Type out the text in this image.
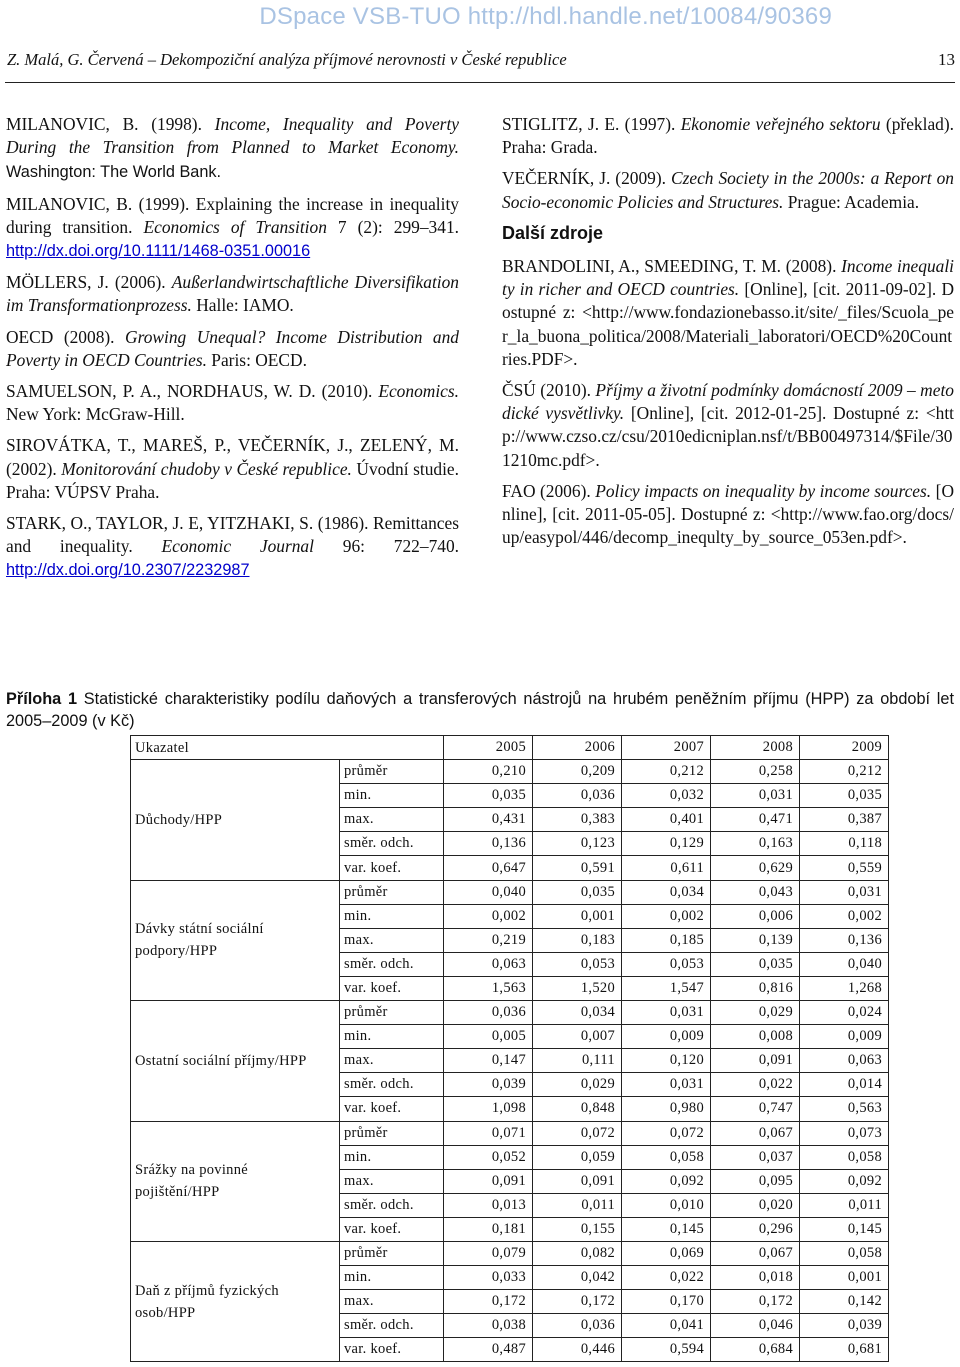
DSpace VSB-TUO http://hdl.handle.net/10084/90369
Z. Malá, G. Červená – Dekompoziční analýza příjmové nerovnosti v České republice	13
MILANOVIC, B. (1998). Income, Inequality and Poverty During the Transition from Planned to Market Economy. Washington: The World Bank.
MILANOVIC, B. (1999). Explaining the increase in inequality during transition. Economics of Transition 7 (2): 299–341. http://dx.doi.org/10.1111/1468-0351.00016
MÖLLERS, J. (2006). Außerlandwirtschaftliche Diversifikation im Transformationprozess. Halle: IAMO.
OECD (2008). Growing Unequal? Income Distribution and Poverty in OECD Countries. Paris: OECD.
SAMUELSON, P. A., NORDHAUS, W. D. (2010). Economics. New York: McGraw-Hill.
SIROVÁTKA, T., MAREŠ, P., VEČERNÍK, J., ZELENÝ, M. (2002). Monitorování chudoby v České republice. Úvodní studie. Praha: VÚPSV Praha.
STARK, O., TAYLOR, J. E, YITZHAKI, S. (1986). Remittances and inequality. Economic Journal 96: 722–740. http://dx.doi.org/10.2307/2232987
STIGLITZ, J. E. (1997). Ekonomie veřejného sektoru (překlad). Praha: Grada.
VEČERNÍK, J. (2009). Czech Society in the 2000s: a Report on Socio-economic Policies and Structures. Prague: Academia.
Další zdroje
BRANDOLINI, A., SMEEDING, T. M. (2008). Income inequality in richer and OECD countries. [Online], [cit. 2011-09-02]. Dostupné z: <http://www.fondazionebasso.it/site/_files/Scuola_per_la_buona_politica/2008/Materiali_laboratori/OECD%20Countries.PDF>.
ČSÚ (2010). Příjmy a životní podmínky domácností 2009 – metodické vysvětlivky. [Online], [cit. 2012-01-25]. Dostupné z: <http://www.czso.cz/csu/2010edicniplan.nsf/t/BB00497314/$File/301210mc.pdf>.
FAO (2006). Policy impacts on inequality by income sources. [Online], [cit. 2011-05-05]. Dostupné z: <http://www.fao.org/docs/up/easypol/446/decomp_inequlty_by_source_053en.pdf>.
Příloha 1 Statistické charakteristiky podílu daňových a transferových nástrojů na hrubém peněžním příjmu (HPP) za období let 2005–2009 (v Kč)
Ukazatel		2005	2006	2007	2008	2009
Důchody/HPP	průměr	0,210	0,209	0,212	0,258	0,212
	min.	0,035	0,036	0,032	0,031	0,035
	max.	0,431	0,383	0,401	0,471	0,387
	směr. odch.	0,136	0,123	0,129	0,163	0,118
	var. koef.	0,647	0,591	0,611	0,629	0,559
Dávky státní sociální podpory/HPP	průměr	0,040	0,035	0,034	0,043	0,031
	min.	0,002	0,001	0,002	0,006	0,002
	max.	0,219	0,183	0,185	0,139	0,136
	směr. odch.	0,063	0,053	0,053	0,035	0,040
	var. koef.	1,563	1,520	1,547	0,816	1,268
Ostatní sociální příjmy/HPP	průměr	0,036	0,034	0,031	0,029	0,024
	min.	0,005	0,007	0,009	0,008	0,009
	max.	0,147	0,111	0,120	0,091	0,063
	směr. odch.	0,039	0,029	0,031	0,022	0,014
	var. koef.	1,098	0,848	0,980	0,747	0,563
Srážky na povinné pojištění/HPP	průměr	0,071	0,072	0,072	0,067	0,073
	min.	0,052	0,059	0,058	0,037	0,058
	max.	0,091	0,091	0,092	0,095	0,092
	směr. odch.	0,013	0,011	0,010	0,020	0,011
	var. koef.	0,181	0,155	0,145	0,296	0,145
Daň z příjmů fyzických osob/HPP	průměr	0,079	0,082	0,069	0,067	0,058
	min.	0,033	0,042	0,022	0,018	0,001
	max.	0,172	0,172	0,170	0,172	0,142
	směr. odch.	0,038	0,036	0,041	0,046	0,039
	var. koef.	0,487	0,446	0,594	0,684	0,681
